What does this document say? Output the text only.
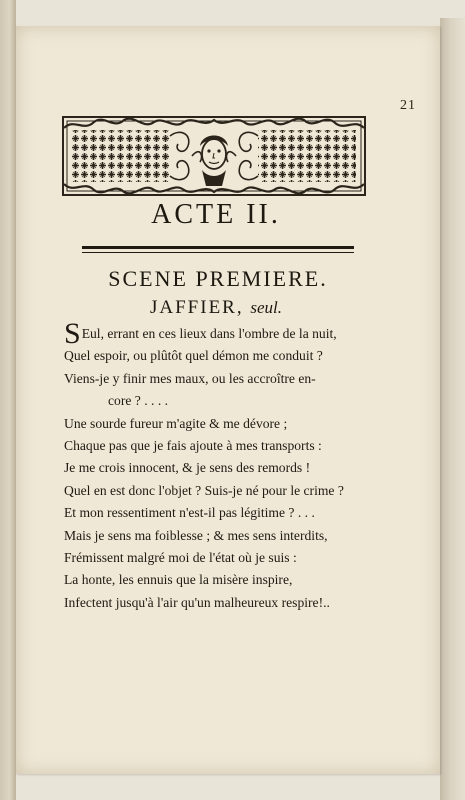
21
ACTE II.
SCENE PREMIERE.
JAFFIER, seul.
SEul, errant en ces lieux dans l'ombre de la nuit,
Quel espoir, ou plûtôt quel démon me conduit ?
Viens-je y finir mes maux, ou les accroître en-
core ? . . . .
Une sourde fureur m'agite & me dévore ;
Chaque pas que je fais ajoute à mes transports :
Je me crois innocent, & je sens des remords !
Quel en est donc l'objet ? Suis-je né pour le crime ?
Et mon ressentiment n'est-il pas légitime ? . . .
Mais je sens ma foiblesse ; & mes sens interdits,
Frémissent malgré moi de l'état où je suis :
La honte, les ennuis que la misère inspire,
Infectent jusqu'à l'air qu'un malheureux respire!..
